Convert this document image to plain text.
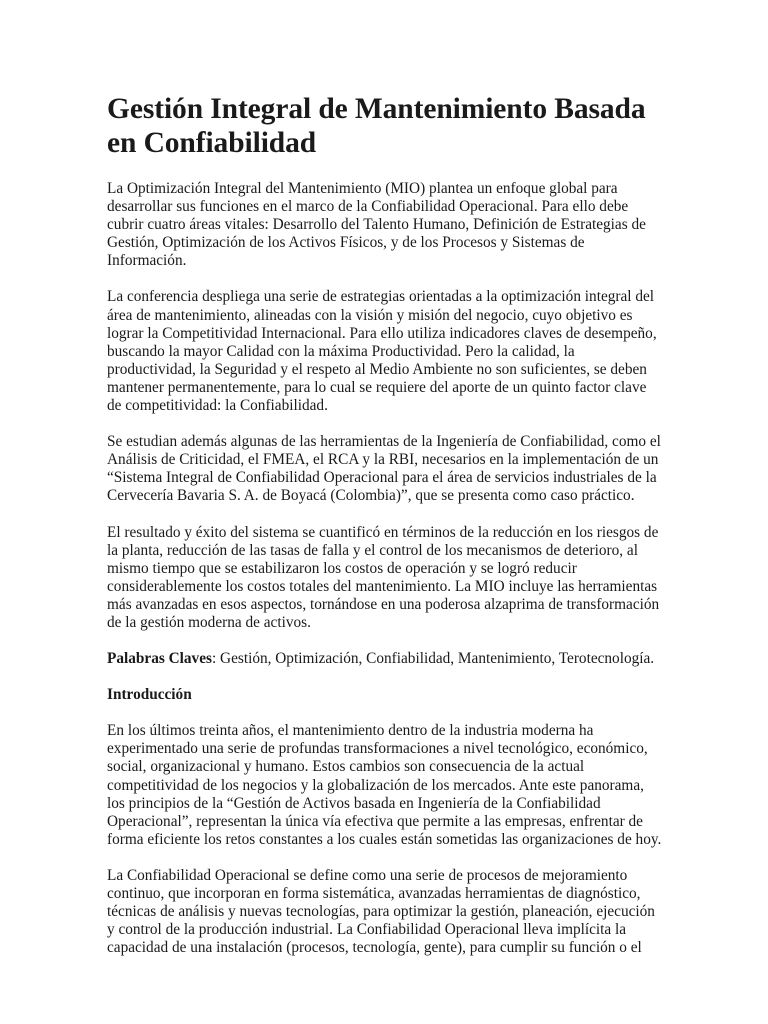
Gestión Integral de Mantenimiento Basada en Confiabilidad

La Optimización Integral del Mantenimiento (MIO) plantea un enfoque global para desarrollar sus funciones en el marco de la Confiabilidad Operacional. Para ello debe cubrir cuatro áreas vitales: Desarrollo del Talento Humano, Definición de Estrategias de Gestión, Optimización de los Activos Físicos, y de los Procesos y Sistemas de Información.

La conferencia despliega una serie de estrategias orientadas a la optimización integral del área de mantenimiento, alineadas con la visión y misión del negocio, cuyo objetivo es lograr la Competitividad Internacional. Para ello utiliza indicadores claves de desempeño, buscando la mayor Calidad con la máxima Productividad. Pero la calidad, la productividad, la Seguridad y el respeto al Medio Ambiente no son suficientes, se deben mantener permanentemente, para lo cual se requiere del aporte de un quinto factor clave de competitividad: la Confiabilidad.

Se estudian además algunas de las herramientas de la Ingeniería de Confiabilidad, como el Análisis de Criticidad, el FMEA, el RCA y la RBI, necesarios en la implementación de un “Sistema Integral de Confiabilidad Operacional para el área de servicios industriales de la Cervecería Bavaria S. A. de Boyacá (Colombia)”, que se presenta como caso práctico.

El resultado y éxito del sistema se cuantificó en términos de la reducción en los riesgos de la planta, reducción de las tasas de falla y el control de los mecanismos de deterioro, al mismo tiempo que se estabilizaron los costos de operación y se logró reducir considerablemente los costos totales del mantenimiento. La MIO incluye las herramientas más avanzadas en esos aspectos, tornándose en una poderosa alzaprima de transformación de la gestión moderna de activos.

Palabras Claves: Gestión, Optimización, Confiabilidad, Mantenimiento, Terotecnología.

Introducción

En los últimos treinta años, el mantenimiento dentro de la industria moderna ha experimentado una serie de profundas transformaciones a nivel tecnológico, económico, social, organizacional y humano. Estos cambios son consecuencia de la actual competitividad de los negocios y la globalización de los mercados. Ante este panorama, los principios de la “Gestión de Activos basada en Ingeniería de la Confiabilidad Operacional”, representan la única vía efectiva que permite a las empresas, enfrentar de forma eficiente los retos constantes a los cuales están sometidas las organizaciones de hoy.

La Confiabilidad Operacional se define como una serie de procesos de mejoramiento continuo, que incorporan en forma sistemática, avanzadas herramientas de diagnóstico, técnicas de análisis y nuevas tecnologías, para optimizar la gestión, planeación, ejecución y control de la producción industrial. La Confiabilidad Operacional lleva implícita la capacidad de una instalación (procesos, tecnología, gente), para cumplir su función o el
